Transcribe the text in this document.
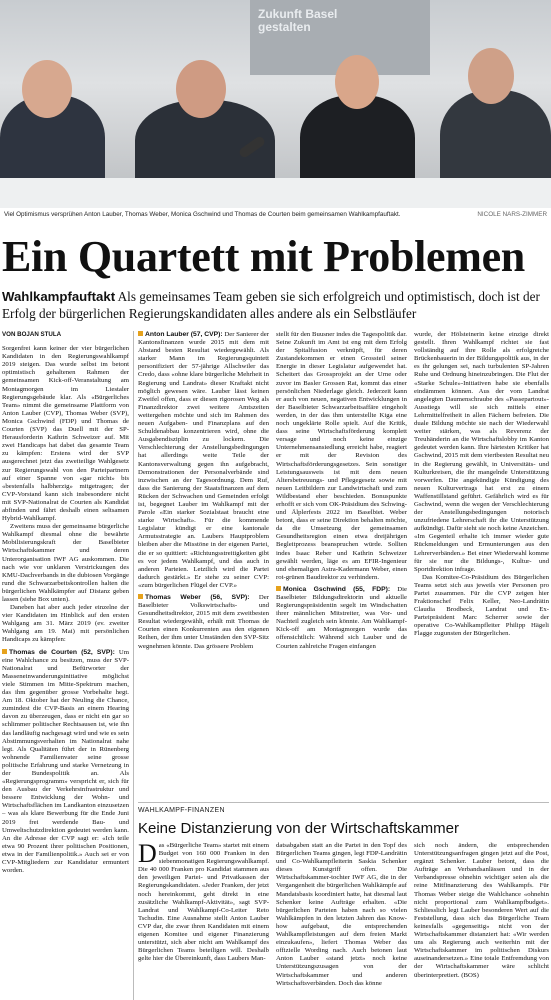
Zukunft Basel
gestalten
Viel Optimismus versprühen Anton Lauber, Thomas Weber, Monica Gschwind und Thomas de Courten beim gemeinsamen Wahlkampfauftakt.	NICOLE NARS-ZIMMER
Ein Quartett mit Problemen
Wahlkampfauftakt Als gemeinsames Team geben sie sich erfolgreich und optimistisch, doch ist der Erfolg der bürgerlichen Regierungskandidaten alles andere als ein Selbstläufer
VON BOJAN STULA

Sorgenfrei kann keiner der vier bürgerlichen Kandidaten in den Regierungswahlkampf 2019 steigen. Das wurde selbst im betont optimistisch gehaltenen Rahmen der gemeinsamen Kick-off-Veranstaltung am Montagmorgen im Liestaler Regierungsgebäude klar. Als «Bürgerliches Team» nimmt die gemeinsame Plattform von Anton Lauber (CVP), Thomas Weber (SVP), Monica Gschwind (FDP) und Thomas de Courten (SVP) das Duell mit der SP-Herausforderin Kathrin Schweizer auf. Mit zwei Handicaps hat dabei das gesamte Team zu kämpfen: Erstens wird der SVP ausgerechnet jetzt das zweiteilige Wahlgesetz zur Regierungswahl von den Parteipartnern auf einer Spanne von «gar nicht» bis «bestenfalls halbherzig» mitgetragen; der CVP-Vorstand kann sich insbesondere nicht mit SVP-Nationalrat de Courten als Kandidat abfinden und fährt deshalb einen seltsamen Hybrid-Wahlkampf.

Zweitens muss der gemeinsame bürgerliche Wahlkampf diesmal ohne die bewährte Mobilisierungskraft der Baselbieter Wirtschaftskammer und deren Unterorganisation IWF AG auskommen. Die nach wie vor unklaren Verstrickungen des KMU-Dachverbands in die dubiosen Vorgänge rund die Schwarzarbeitskontrollen halten die bürgerlichen Wahlkämpfer auf Distanz geben lassen (siehe Box unten).

Daneben hat aber auch jeder einzelne der vier Kandidaten im Hinblick auf den ersten Wahlgang am 31. März 2019 (ev. zweiter Wahlgang am 19. Mai) mit persönlichen Handicaps zu kämpfen:

Thomas de Courten (52, SVP): Um eine Wahlchance zu besitzen, muss der SVP-Nationalrat und Befürworter der Masseneinwanderungsinitiative möglichst viele Stimmen im Mitte-Spektrum machen, das ihm gegenüber grosse Vorbehalte hegt. Am 18. Oktober hat der Neuling die Chance, zumindest die CVP-Basis an einem Hearing davon zu überzeugen, dass er nicht ein gar so schlimmer politischer Rechtsausen ist, wie ihn das landläufig nachgesagt wird und wie es sein Abstimmungsverhalten im Nationalrat nahe legt. Als Qualitäten führt der in Rünenberg wohnende Familienvater seine grosse politische Erfahrung und starke Vernetzung in der Bundespolitik an. Als «Regierungsprogramm» verspricht er, sich für den Ausbau der Verkehrsinfrastruktur und bessere Entwicklung der Wohn- und Wirtschaftsflächen im Landkanton einzusetzen – was als klare Bewerbung für die Ende Juni 2019 frei werdende Bau- und Umweltschutzdirektion gedeutet werden kann. An die Adresse der CVP sagt er: «Ich teile etwa 90 Prozent ihrer politischen Positionen, etwa in der Familienpolitik.» Auch sei er von CVP-Mitgliedern zur Kandidatur ermuntert worden.

Anton Lauber (57, CVP): Der Sanierer der Kantonsfinanzen wurde 2015 mit dem mit Abstand besten Resultat wiedergewählt. Als starker Mann im Regierungsquintett personifiziert der 57-jährige Allschwiler das Credo, dass «ohne klare bürgerliche Mehrheit in Regierung und Landrat» dieser Kraftakt nicht möglich gewesen wäre. Lauber lässt keinen Zweifel offen, dass er diesen rigorosen Weg als Finanzdirektor zwei weitere Amtszeiten weitergehen möchte und sich im Rahmen des neuen Aufgaben- und Finanzplans auf den Schuldenabbau konzentrieren wird, ohne die Ausgabendisziplin zu lockern. Die Verschlechterung der Anstellungsbedingungen hat allerdings weite Teile der Kantonsverwaltung gegen ihn aufgebracht, Demonstrationen der Personalverbände sind inzwischen an der Tagesordnung. Dem Ruf, dass die Sanierung der Staatsfinanzen auf dem Rücken der Schwachen und Gemeinden erfolgt ist, begegnet Lauber im Wahlkampf mit der Parole «Ein starker Sozialstaat braucht eine starke Wirtschaft». Für die kommende Legislatur kündigt er eine kantonale Armutsstrategie an. Laubers Hauptproblem bleiben aber die Misstöne in der eigenen Partei, die er so quittiert: «Richtungsstreitigkeiten gibt es vor jedem Wahlkampf, und das auch in anderen Parteien. Letztlich wird die Partei dadurch gestärkt.» Er stehe zu seiner CVP: «zum bürgerlichen Flügel der CVP.»

Thomas Weber (56, SVP): Der Baselbieter Volkswirtschafts- und Gesundheitsdirektor, 2015 mit dem zweitbesten Resultat wiedergewählt, erhält mit Thomas de Courten einen Konkurrenten aus den eigenen Reihen, der ihm unter Umständen den SVP-Sitz wegnehmen könnte. Das grössere Problem

stellt für den Buusner indes die Tagespolitik dar. Seine Zukunft im Amt ist eng mit dem Erfolg der Spitalfusion verknüpft, für deren Zustandekommen er einen Grossteil seiner Energie in dieser Legislatur aufgewendet hat. Scheitert das Grossprojekt an der Urne oder zuvor im Basler Grossen Rat, kommt das einer persönlichen Niederlage gleich. Jederzeit kann er auch von neuen, negativen Entwicklungen in der Baselbieter Schwarzarbeitsaffäre eingeholt werden, in der das ihm unterstellte Kiga eine noch ungeklärte Rolle spielt. Auf die Kritik, dass seine Wirtschaftsförderung komplett versage und noch keine einzige Unternehmensansiedlung erreicht habe, reagiert er mit der Revision des Wirtschaftsförderungsgesetzes. Sein sonstiger Leistungsausweis ist mit dem neuen Altersbetreuungs- und Pflegegesetz sowie mit neuen Leitbildern zur Landwirtschaft und zum Wildbestand eher beschieden. Bonuspunkte erhofft er sich vom OK-Präsidium des Schwing- und Älplerfests 2022 im Baselbiet. Weber betont, dass er seine Direktion behalten möchte, da die Umsetzung der gemeinsamen Gesundheitsregion einen etwa dreijährigen Begleitprozess beanspruchen würde. Sollten indes Isaac Reber und Kathrin Schweizer gewählt werden, läge es am EFIR-Ingenieur und ehemaligen Astra-Kadermann Weber, einen rot-grünen Baudirektor zu verhindern.

Monica Gschwind (55, FDP): Die Baselbieter Bildungsdirektorin und aktuelle Regierungspräsidentin segelt im Windschatten ihrer männlichen Mitstreiter, was Vor- und Nachteil zugleich sein könnte. Am Wahlkampf-Kick-off am Montagmorgen wurde das offensichtlich: Während sich Lauber und de Courten zahlreiche Fragen einfangen

wurde, der Hölsteinerin keine einzige direkt gestellt. Ihren Wahlkampf richtet sie fast vollständig auf ihre Rolle als erfolgreiche Brückenbauerin in der Bildungspolitik aus, in der es ihr gelungen sei, nach turbulenten SP-Jahren Ruhe und Ordnung hineinzubringen. Die Flut der «Starke Schule»-Initiativen habe sie ebenfalls eindämmen können. Aus der vom Landrat angelegten Daumenschraube des «Passepartout»-Ausstiegs will sie sich mittels einer Lehrmittelfreiheit in allen Fächern befreien. Die duale Bildung möchte sie nach der Wiederwahl weiter stärken, was als Reverenz der Treuhänderin an die Wirtschaftslobby im Kanton gedeutet werden kann. Ihre härtesten Kritiker hat Gschwind, 2015 mit dem viertbesten Resultat neu in die Regierung gewählt, in Universitäts- und Kulturkreisen, die ihr mangelnde Unterstützung vorwerfen. Die angekündigte Kündigung des neuen Kulturvertrags hat erst zu einem Waffenstillstand geführt. Gefährlich wird es für Gschwind, wenn die wegen der Verschlechterung der Anstellungsbedingungen notorisch unzufriedene Lehrerschaft ihr die Unterstützung aufkündigt. Dafür sieht sie noch keine Anzeichen. «Im Gegenteil erhalte ich immer wieder gute Rückmeldungen und Ermunterungen aus den Lehrerverbänden.» Bei einer Wiederwahl komme für sie nur die Bildungs-, Kultur- und Sportdirektion infrage.

Das Komitee-Co-Präsidium des Bürgerlichen Teams setzt sich aus jeweils vier Personen pro Partei zusammen. Für die CVP zeigen hier Fraktionschef Felix Keller, Neo-Landrätin Claudia Brodbeck, Landrat und Ex-Parteipräsident Marc Scherrer sowie der operative Co-Wahlkampfleiter Philipp Hägeli Flagge zugunsten der Bürgerlichen.

WAHLKAMPF-FINANZEN
Keine Distanzierung von der Wirtschaftskammer

Das «Bürgerliche Team» startet mit einem Budget von 160 000 Franken in den siebenmonatigen Regierungswahlkampf. Die 40 000 Franken pro Kandidat stammen aus den jeweiligen Partei- und Privatkassen der Regierungskandidaten. «Jeder Franken, der jetzt noch hereinkommt, geht direkt in eine zusätzliche Wahlkampf-Aktivität», sagt SVP-Landrat und Wahlkampf-Co-Leiter Reto Tschudin. Eine Ausnahme stellt Anton Lauber CVP dar, die zwar ihren Kandidaten mit einem eigenen Komitee und eigener Finanzierung unterstützt, sich aber nicht am Wahlkampf des Bürgerlichen Teams beteiligen will. Deshalb gelte hier die Übereinkunft, dass Laubers Man-

datsabgaben statt an die Partei in den Topf des Bürgerlichen Teams gingen, legt FDP-Landrätin und Co-Wahlkampfleiterin Saskia Schenker dieses Kunstgriff offen. Die Wirtschaftskammer-tochter IWF AG, die in der Vergangenheit die bürgerlichen Wahlkämpfe auf Mandatsbasis koordiniert hatte, hat diesmal laut Schenker keine Aufträge erhalten. «Die bürgerlichen Parteien haben nach so vielen Wahlkämpfen in den letzten Jahren das Know-how aufgebaut, die entsprechenden Wahlkampfleistungen auf dem freien Markt einzukaufen», liefert Thomas Weber das offizielle Wording nach. Auch betonen laut Anton Lauber «stand jetzt» noch keine Unterstützungszusagen von der Wirtschaftskammer und anderen Wirtschaftsverbänden. Doch das könne

sich noch ändern, die entsprechenden Unterstützungsanfragen gingen jetzt auf die Post, ergänzt Schenker. Lauber betont, dass die Aufträge an Verbandsanlässen und in der Verbandspresse ohnehin wichtiger seien als die reine Mitfinanzierung des Wahlkampfs. Für Thomas Weber steige die Wahlchance «ohnehin nicht proportional zum Wahlkampfbudget». Schliesslich legt Lauber besonderen Wert auf die Feststellung, dass sich das Bürgerliche Team keinesfalls «gegenseitig» nicht von der Wirtschaftskammer distanziert hat: «Wir werden uns als Regierung auch weiterhin mit der Wirtschaftskammer im politischen Diskurs auseinandersetzen.» Eine totale Entfremdung von der Wirtschaftskammer wäre schlicht überinterpretiert. (BOS)
